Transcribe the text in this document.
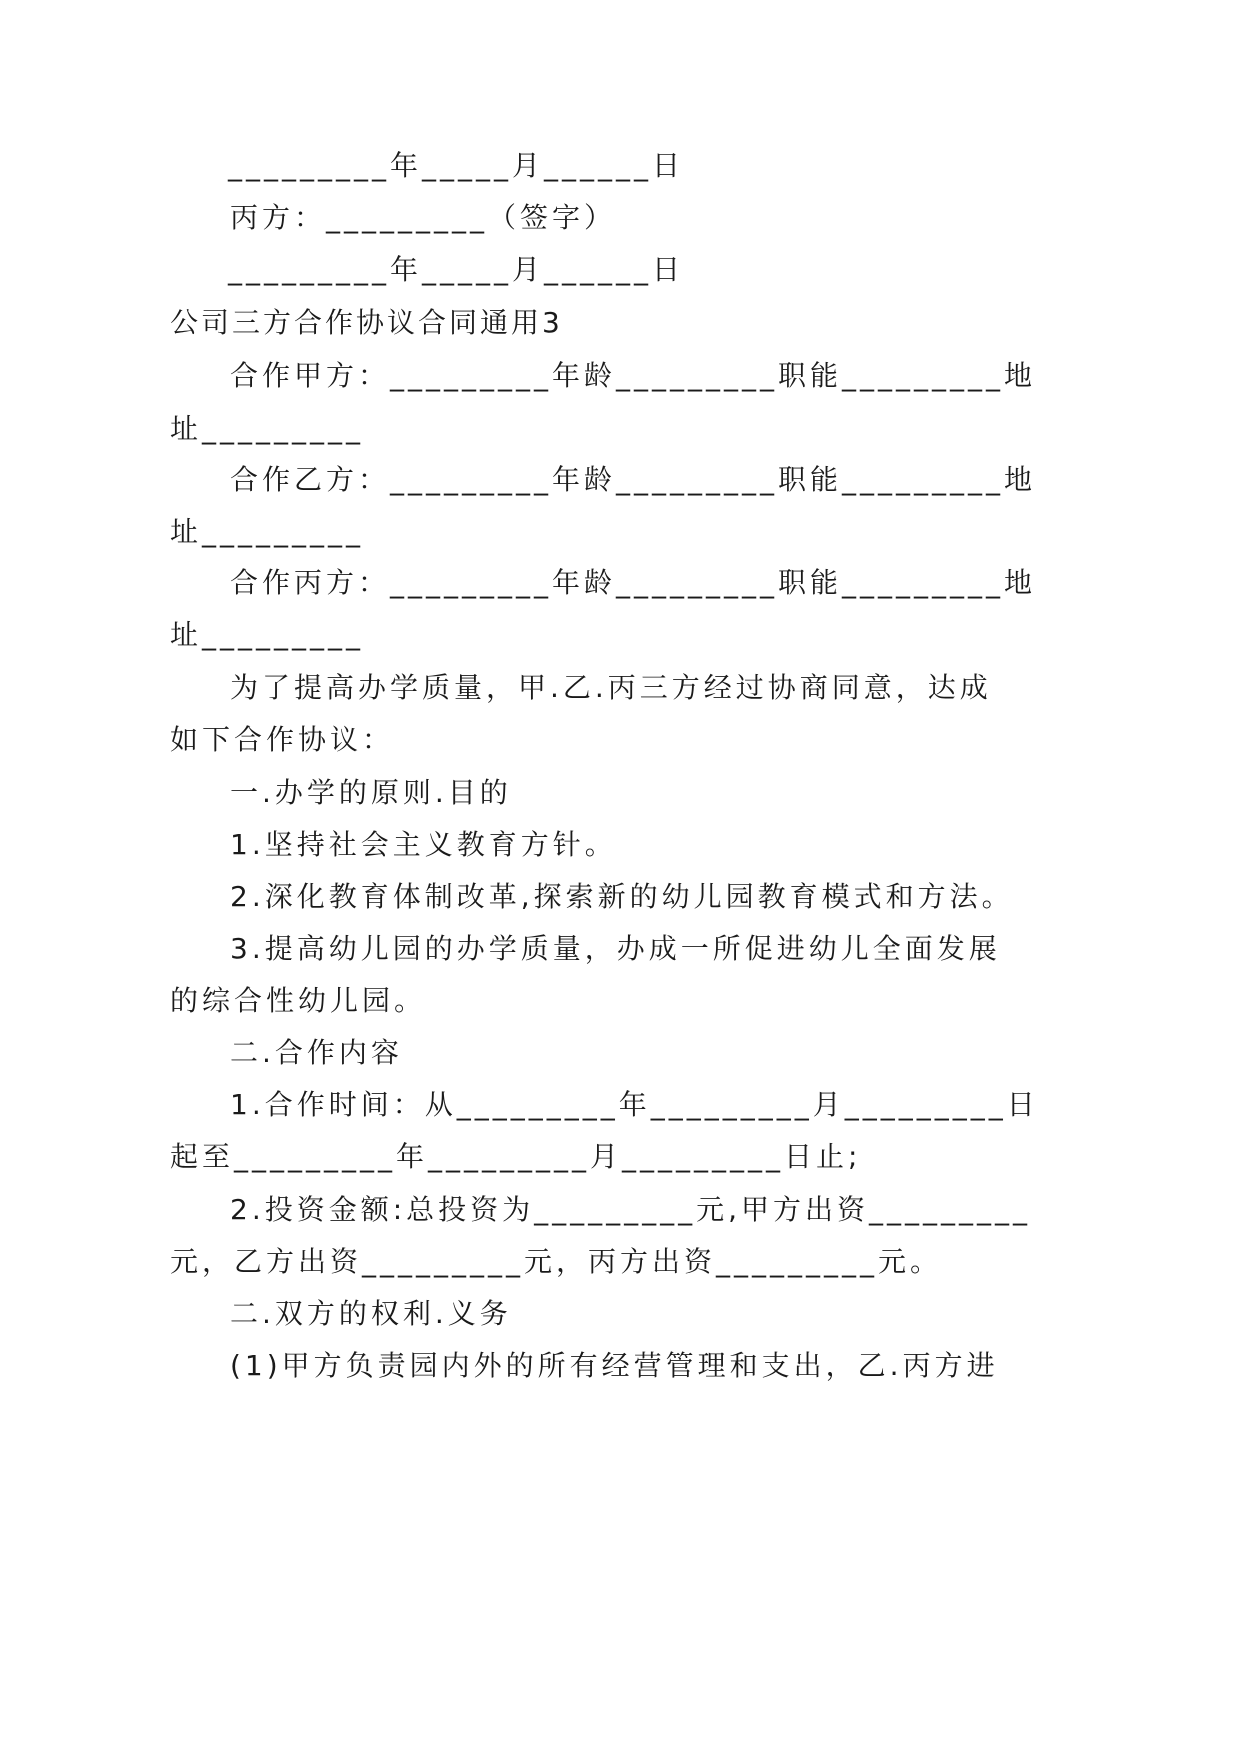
_________年_____月______日
丙方：_________（签字）
_________年_____月______日
公司三方合作协议合同通用3
合作甲方：_________年龄_________职能_________地
址_________
合作乙方：_________年龄_________职能_________地
址_________
合作丙方：_________年龄_________职能_________地
址_________
为了提高办学质量，甲.乙.丙三方经过协商同意，达成
如下合作协议：
一.办学的原则.目的
1.坚持社会主义教育方针。
2.深化教育体制改革,探索新的幼儿园教育模式和方法。
3.提高幼儿园的办学质量，办成一所促进幼儿全面发展
的综合性幼儿园。
二.合作内容
1.合作时间：从_________年_________月_________日
起至_________年_________月_________日止;
2.投资金额:总投资为_________元,甲方出资_________
元，乙方出资_________元，丙方出资_________元。
二.双方的权利.义务
(1)甲方负责园内外的所有经营管理和支出，乙.丙方进
